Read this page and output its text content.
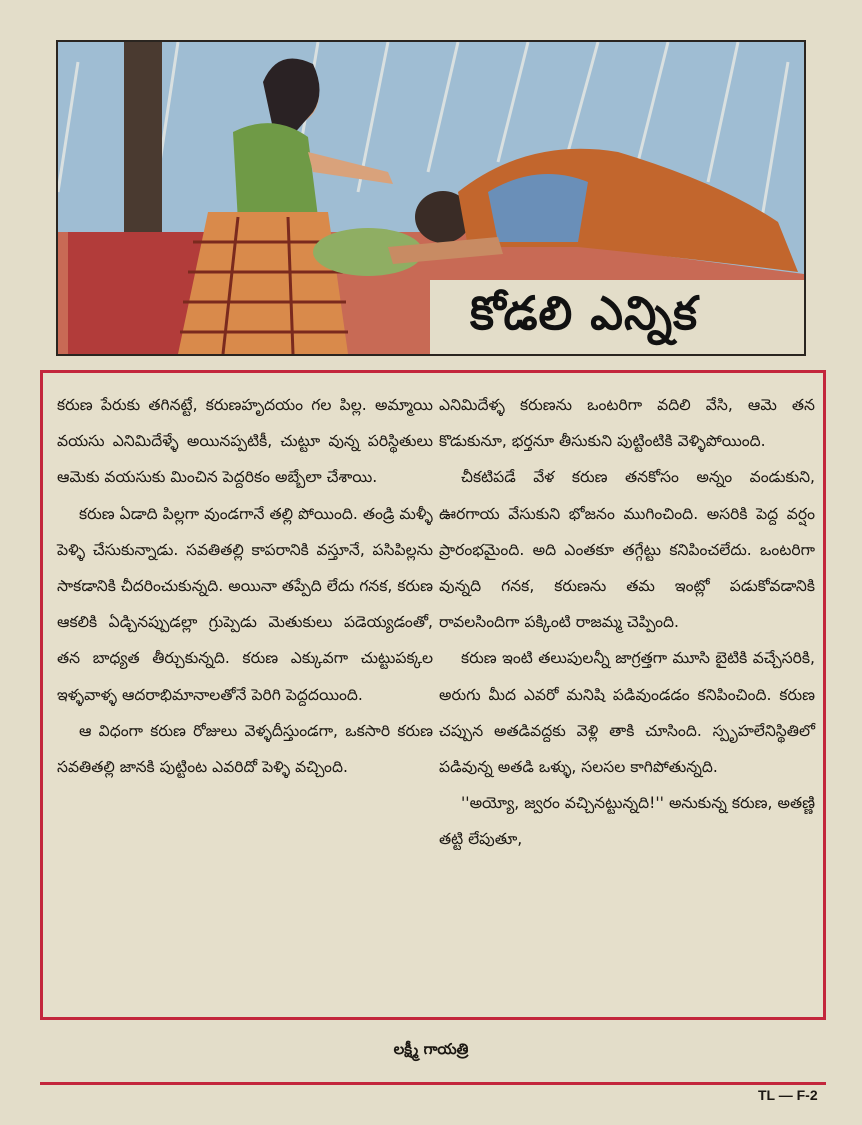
కోడలి ఎన్నిక

కరుణ పేరుకు తగినట్టే, కరుణహృదయం గల పిల్ల. అమ్మాయి వయసు ఎనిమిదేళ్ళే అయినప్పటికీ, చుట్టూ వున్న పరిస్థితులు ఆమెకు వయసుకు మించిన పెద్దరికం అబ్బేలా చేశాయి.

కరుణ ఏడాది పిల్లగా వుండగానే తల్లి పోయింది. తండ్రి మళ్ళీ పెళ్ళి చేసుకున్నాడు. సవతితల్లి కాపరానికి వస్తూనే, పసిపిల్లను సాకడానికి చీదరించుకున్నది. అయినా తప్పేది లేదు గనక, కరుణ ఆకలికి ఏడ్చినప్పుడల్లా గ్రుప్పెడు మెతుకులు పడెయ్యడంతో, తన బాధ్యత తీర్చుకున్నది. కరుణ ఎక్కువగా చుట్టుపక్కల ఇళ్ళవాళ్ళ ఆదరాభిమానాలతోనే పెరిగి పెద్దదయింది.

ఆ విధంగా కరుణ రోజులు వెళ్ళదీస్తుండగా, ఒకసారి కరుణ సవతితల్లి జానకి పుట్టింట ఎవరిదో పెళ్ళి వచ్చింది.

ఎనిమిదేళ్ళ కరుణను ఒంటరిగా వదిలి వేసి, ఆమె తన కొడుకునూ, భర్తనూ తీసుకుని పుట్టింటికి వెళ్ళిపోయింది.

చీకటిపడే వేళ కరుణ తనకోసం అన్నం వండుకుని, ఊరగాయ వేసుకుని భోజనం ముగించింది. అసరికి పెద్ద వర్షం ప్రారంభమైంది. అది ఎంతకూ తగ్గేట్టు కనిపించలేదు. ఒంటరిగా వున్నది గనక, కరుణను తమ ఇంట్లో పడుకోవడానికి రావలసిందిగా పక్కింటి రాజమ్మ చెప్పింది.

కరుణ ఇంటి తలుపులన్నీ జాగ్రత్తగా మూసి బైటికి వచ్చేసరికి, అరుగు మీద ఎవరో మనిషి పడివుండడం కనిపించింది. కరుణ చప్పున అతడివద్దకు వెళ్లి తాకి చూసింది. స్పృహలేనిస్థితిలో పడివున్న అతడి ఒళ్ళు, సలసల కాగిపోతున్నది.

''అయ్యో, జ్వరం వచ్చినట్టున్నది!'' అనుకున్న కరుణ, అతణ్ణి తట్టి లేపుతూ,

లక్ష్మీ గాయత్రి
TL — F-2
